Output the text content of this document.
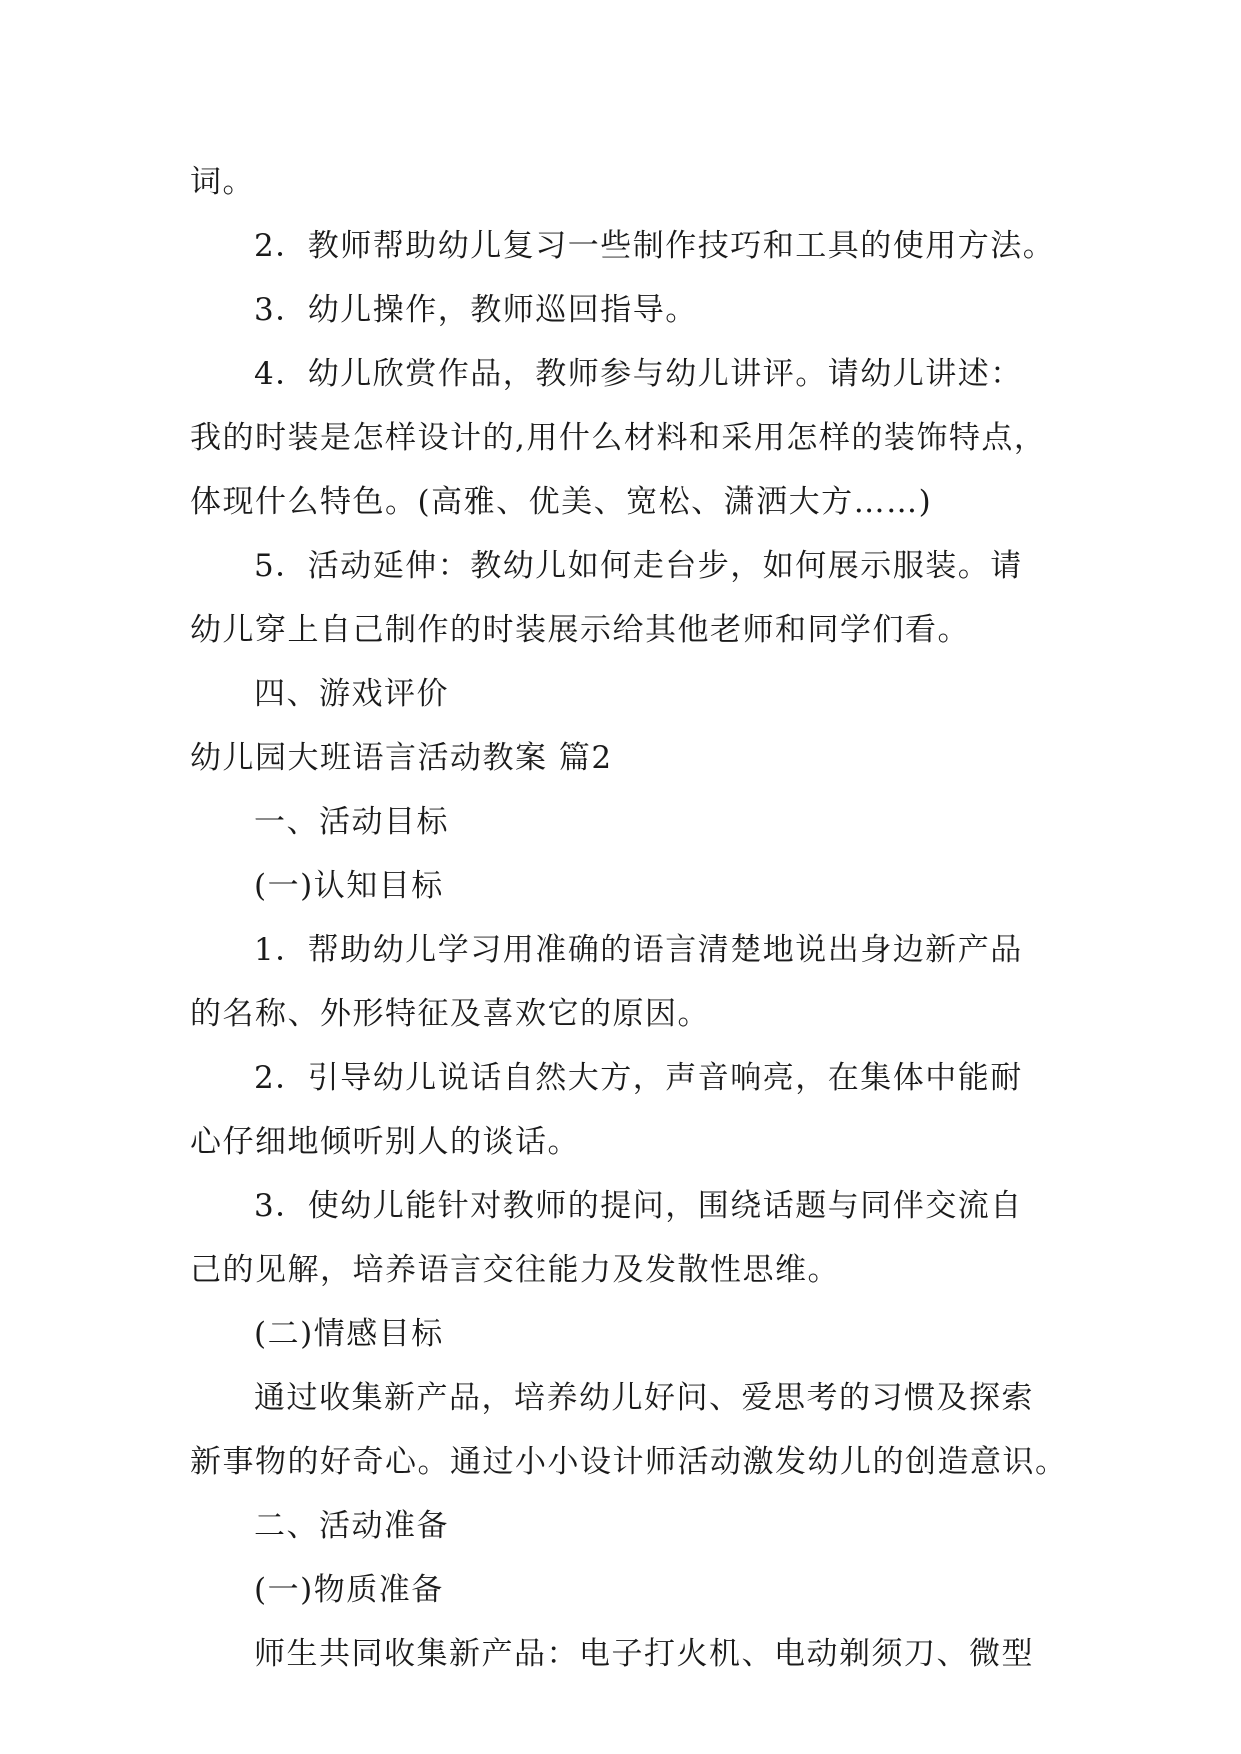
词。
2．教师帮助幼儿复习一些制作技巧和工具的使用方法。
3．幼儿操作，教师巡回指导。
4．幼儿欣赏作品，教师参与幼儿讲评。请幼儿讲述：
我的时装是怎样设计的,用什么材料和采用怎样的装饰特点，
体现什么特色。(高雅、优美、宽松、潇洒大方……)
5．活动延伸：教幼儿如何走台步，如何展示服装。请
幼儿穿上自己制作的时装展示给其他老师和同学们看。
四、游戏评价
幼儿园大班语言活动教案 篇2
一、活动目标
(一)认知目标
1．帮助幼儿学习用准确的语言清楚地说出身边新产品
的名称、外形特征及喜欢它的原因。
2．引导幼儿说话自然大方，声音响亮，在集体中能耐
心仔细地倾听别人的谈话。
3．使幼儿能针对教师的提问，围绕话题与同伴交流自
己的见解，培养语言交往能力及发散性思维。
(二)情感目标
通过收集新产品，培养幼儿好问、爱思考的习惯及探索
新事物的好奇心。通过小小设计师活动激发幼儿的创造意识。
二、活动准备
(一)物质准备
师生共同收集新产品：电子打火机、电动剃须刀、微型
